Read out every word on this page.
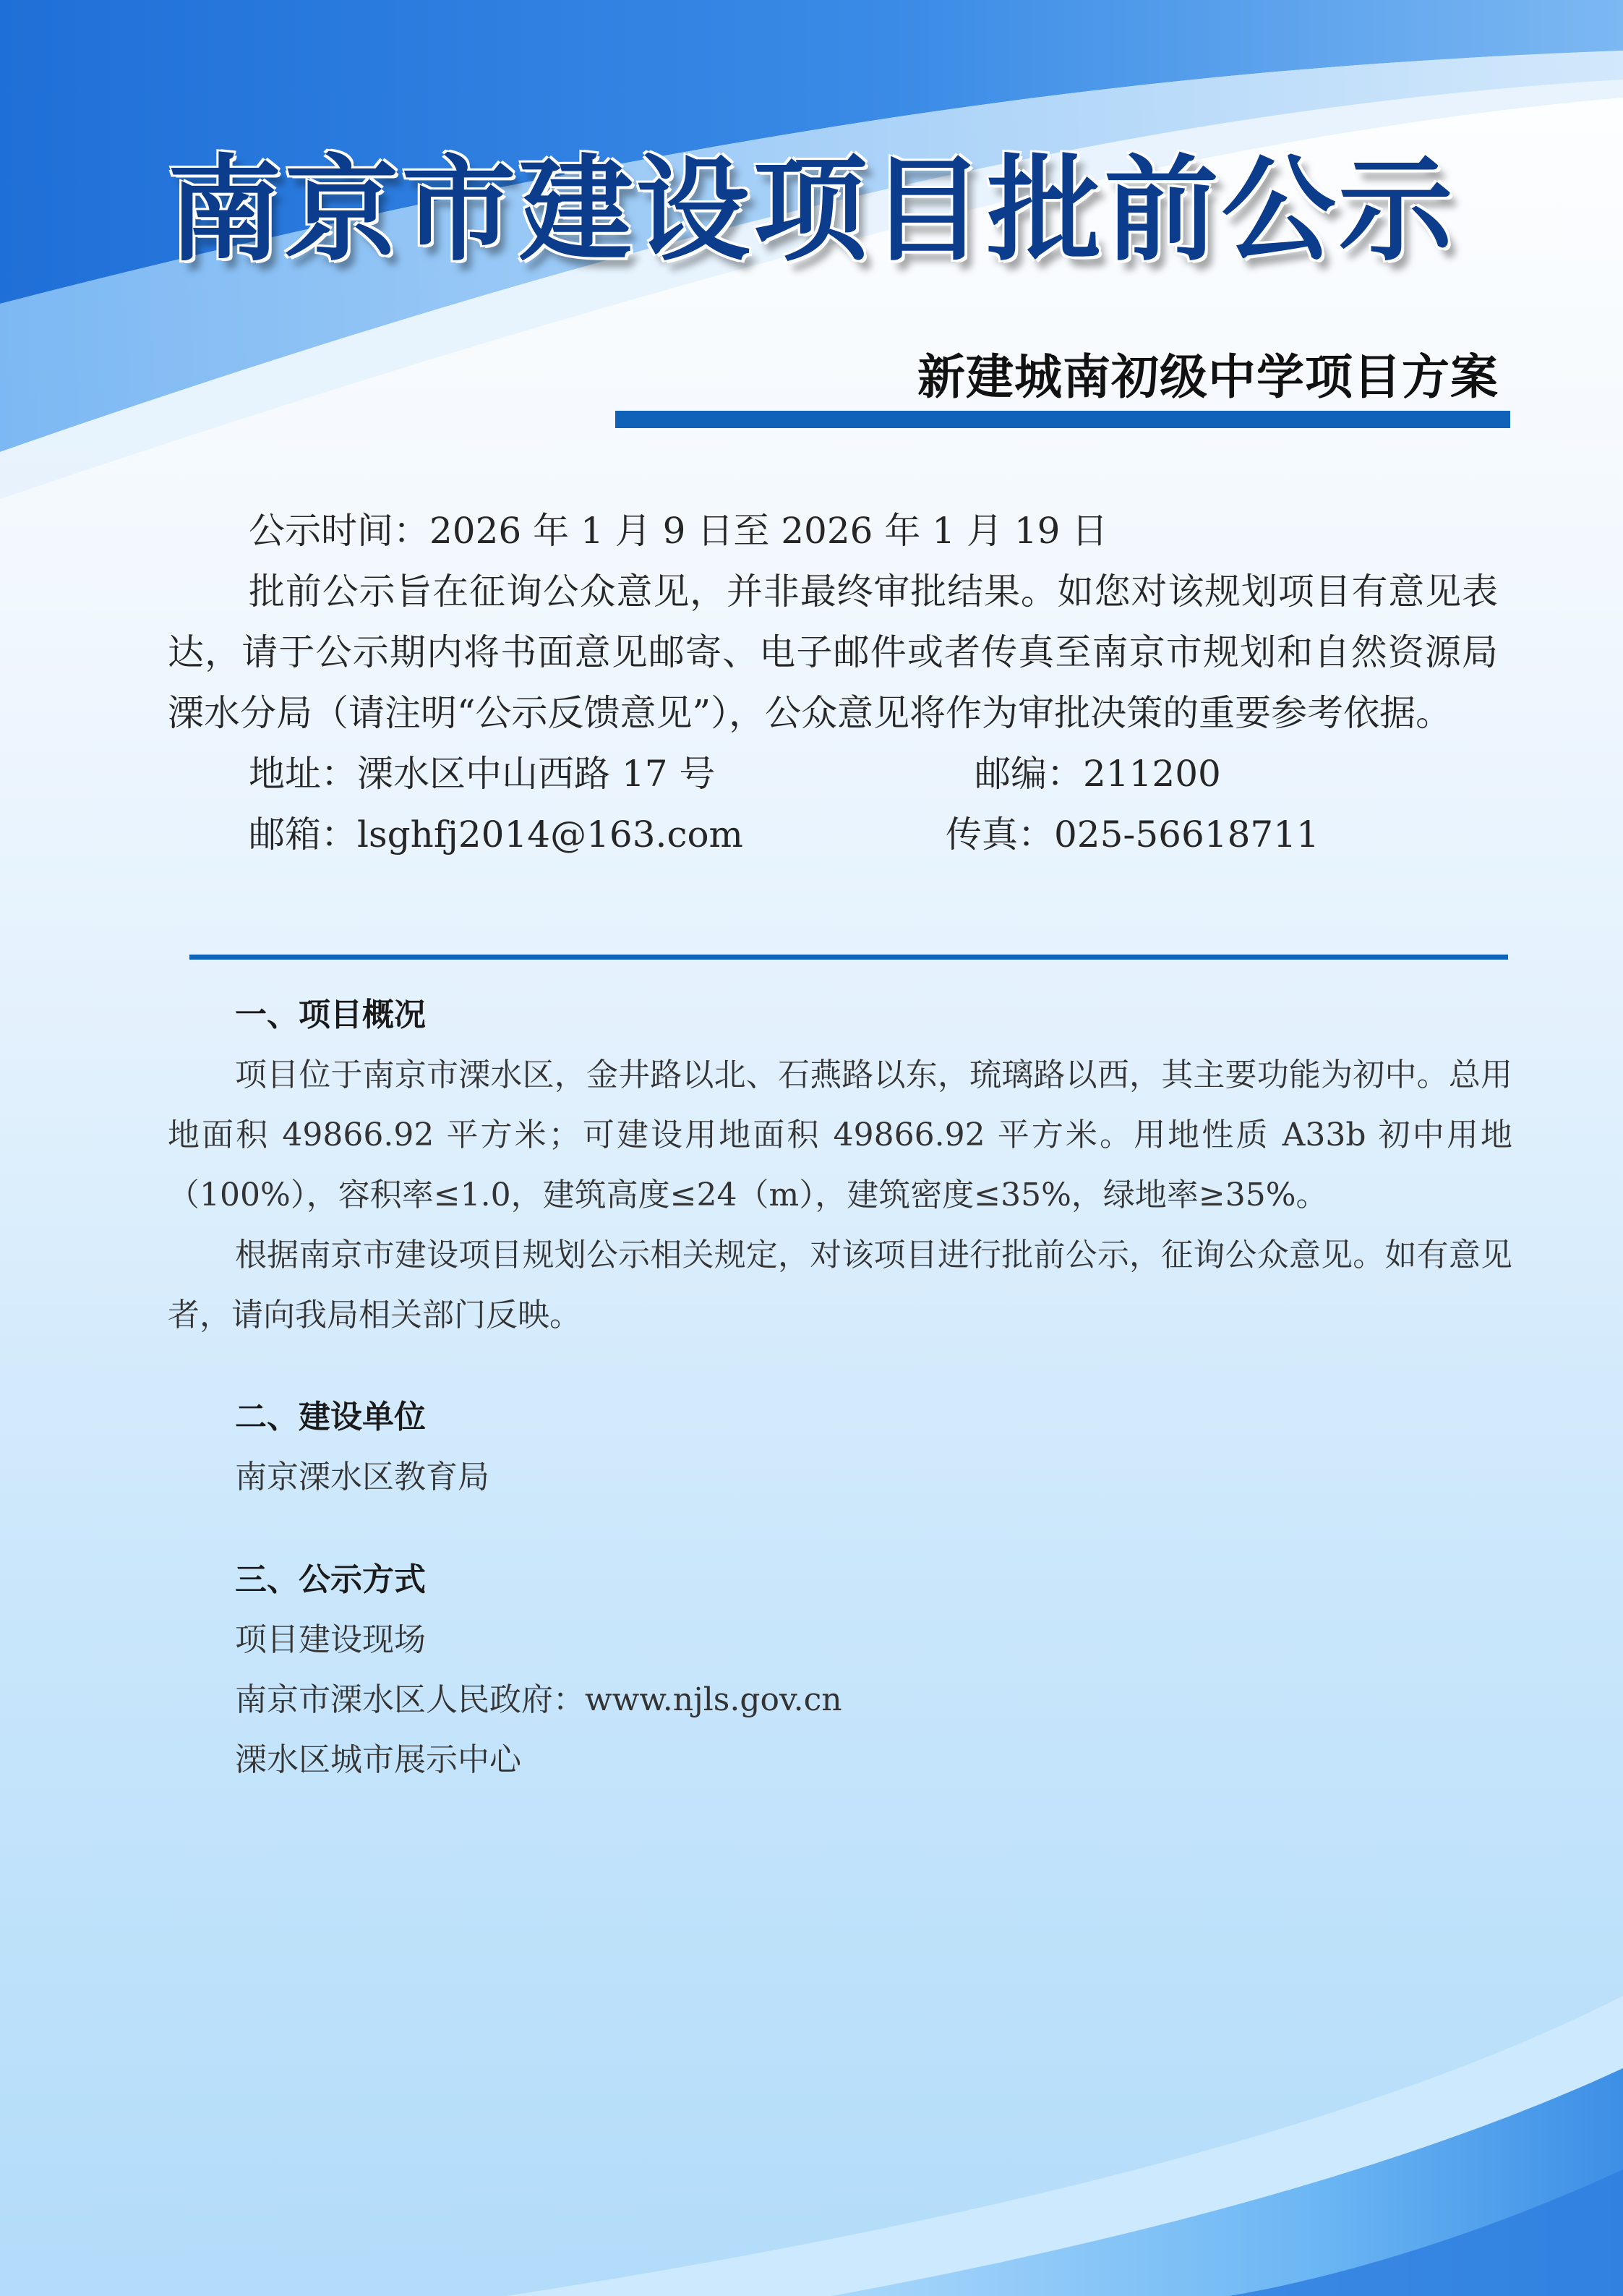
南京市建设项目批前公示
新建城南初级中学项目方案

公示时间：2026 年 1 月 9 日至 2026 年 1 月 19 日

批前公示旨在征询公众意见，并非最终审批结果。如您对该规划项目有意见表达，请于公示期内将书面意见邮寄、电子邮件或者传真至南京市规划和自然资源局溧水分局（请注明“公示反馈意见”），公众意见将作为审批决策的重要参考依据。

地址：溧水区中山西路 17 号	邮编：211200
邮箱：lsghfj2014@163.com	传真：025-56618711
一、项目概况

项目位于南京市溧水区，金井路以北、石燕路以东，琉璃路以西，其主要功能为初中。总用地面积 49866.92 平方米；可建设用地面积 49866.92 平方米。用地性质 A33b 初中用地（100%），容积率≤1.0，建筑高度≤24（m），建筑密度≤35%，绿地率≥35%。

根据南京市建设项目规划公示相关规定，对该项目进行批前公示，征询公众意见。如有意见者，请向我局相关部门反映。

二、建设单位

南京溧水区教育局

三、公示方式

项目建设现场

南京市溧水区人民政府：www.njls.gov.cn

溧水区城市展示中心
